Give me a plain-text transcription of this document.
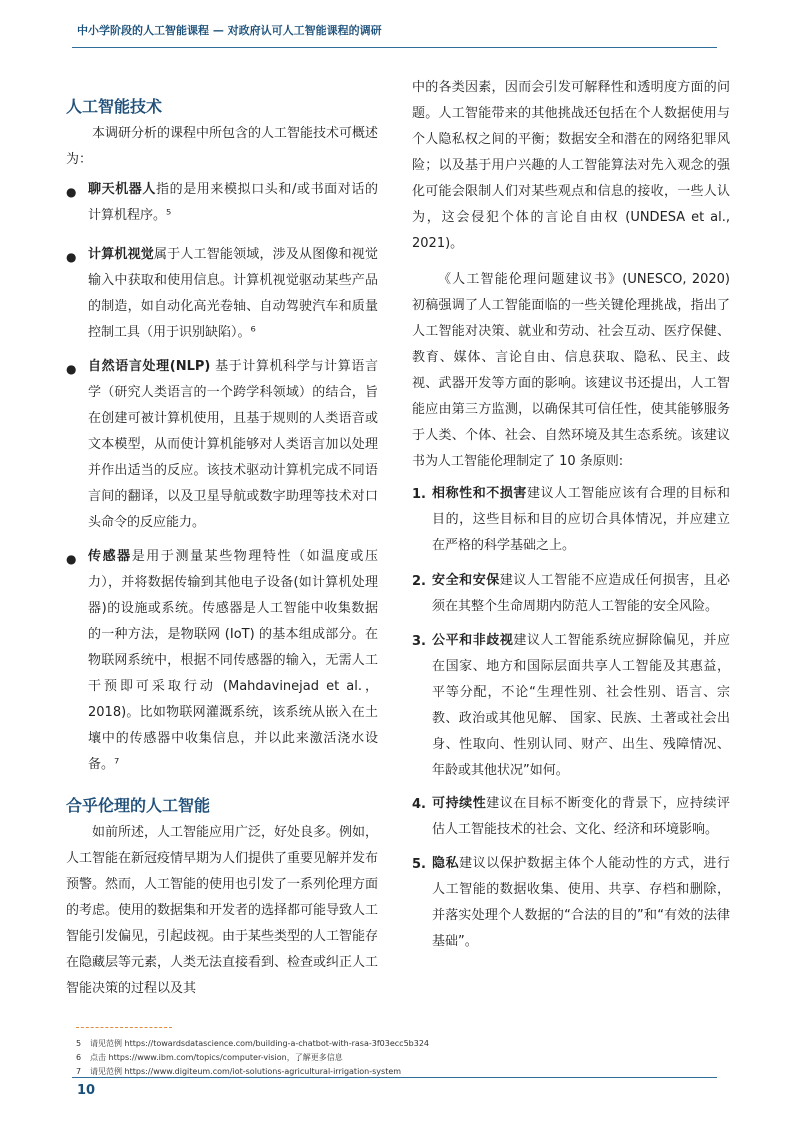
中小学阶段的人工智能课程 — 对政府认可人工智能课程的调研
人工智能技术

本调研分析的课程中所包含的人工智能技术可概述为：

● 聊天机器人指的是用来模拟口头和/或书面对话的计算机程序。⁵
● 计算机视觉属于人工智能领域，涉及从图像和视觉输入中获取和使用信息。计算机视觉驱动某些产品的制造，如自动化高光卷轴、自动驾驶汽车和质量控制工具（用于识别缺陷）。⁶
● 自然语言处理(NLP) 基于计算机科学与计算语言学（研究人类语言的一个跨学科领域）的结合，旨在创建可被计算机使用，且基于规则的人类语音或文本模型，从而使计算机能够对人类语言加以处理并作出适当的反应。该技术驱动计算机完成不同语言间的翻译，以及卫星导航或数字助理等技术对口头命令的反应能力。
● 传感器是用于测量某些物理特性（如温度或压力），并将数据传输到其他电子设备(如计算机处理器)的设施或系统。传感器是人工智能中收集数据的一种方法，是物联网 (IoT) 的基本组成部分。在物联网系统中，根据不同传感器的输入，无需人工干预即可采取行动 (Mahdavinejad et al.，2018)。比如物联网灌溉系统，该系统从嵌入在土壤中的传感器中收集信息，并以此来激活浇水设备。⁷
合乎伦理的人工智能

如前所述，人工智能应用广泛，好处良多。例如，人工智能在新冠疫情早期为人们提供了重要见解并发布预警。然而，人工智能的使用也引发了一系列伦理方面的考虑。使用的数据集和开发者的选择都可能导致人工智能引发偏见，引起歧视。由于某些类型的人工智能存在隐藏层等元素，人类无法直接看到、检查或纠正人工智能决策的过程以及其

中的各类因素，因而会引发可解释性和透明度方面的问题。人工智能带来的其他挑战还包括在个人数据使用与个人隐私权之间的平衡；数据安全和潜在的网络犯罪风险；以及基于用户兴趣的人工智能算法对先入观念的强化可能会限制人们对某些观点和信息的接收，一些人认为，这会侵犯个体的言论自由权 (UNDESA et al., 2021)。

《人工智能伦理问题建议书》(UNESCO, 2020) 初稿强调了人工智能面临的一些关键伦理挑战，指出了人工智能对决策、就业和劳动、社会互动、医疗保健、教育、媒体、言论自由、信息获取、隐私、民主、歧视、武器开发等方面的影响。该建议书还提出，人工智能应由第三方监测，以确保其可信任性，使其能够服务于人类、个体、社会、自然环境及其生态系统。该建议书为人工智能伦理制定了 10 条原则:

1. 相称性和不损害建议人工智能应该有合理的目标和目的，这些目标和目的应切合具体情况，并应建立在严格的科学基础之上。
2. 安全和安保建议人工智能不应造成任何损害，且必须在其整个生命周期内防范人工智能的安全风险。
3. 公平和非歧视建议人工智能系统应摒除偏见，并应在国家、地方和国际层面共享人工智能及其惠益，平等分配，不论“生理性别、社会性别、语言、宗教、政治或其他见解、 国家、民族、土著或社会出身、性取向、性别认同、财产、出生、残障情况、年龄或其他状况”如何。
4. 可持续性建议在目标不断变化的背景下，应持续评估人工智能技术的社会、文化、经济和环境影响。
5. 隐私建议以保护数据主体个人能动性的方式，进行人工智能的数据收集、使用、共享、存档和删除，并落实处理个人数据的“合法的目的”和“有效的法律基础”。
5 请见范例 https://towardsdatascience.com/building-a-chatbot-with-rasa-3f03ecc5b324
6 点击 https://www.ibm.com/topics/computer-vision，了解更多信息
7 请见范例 https://www.digiteum.com/iot-solutions-agricultural-irrigation-system
10
